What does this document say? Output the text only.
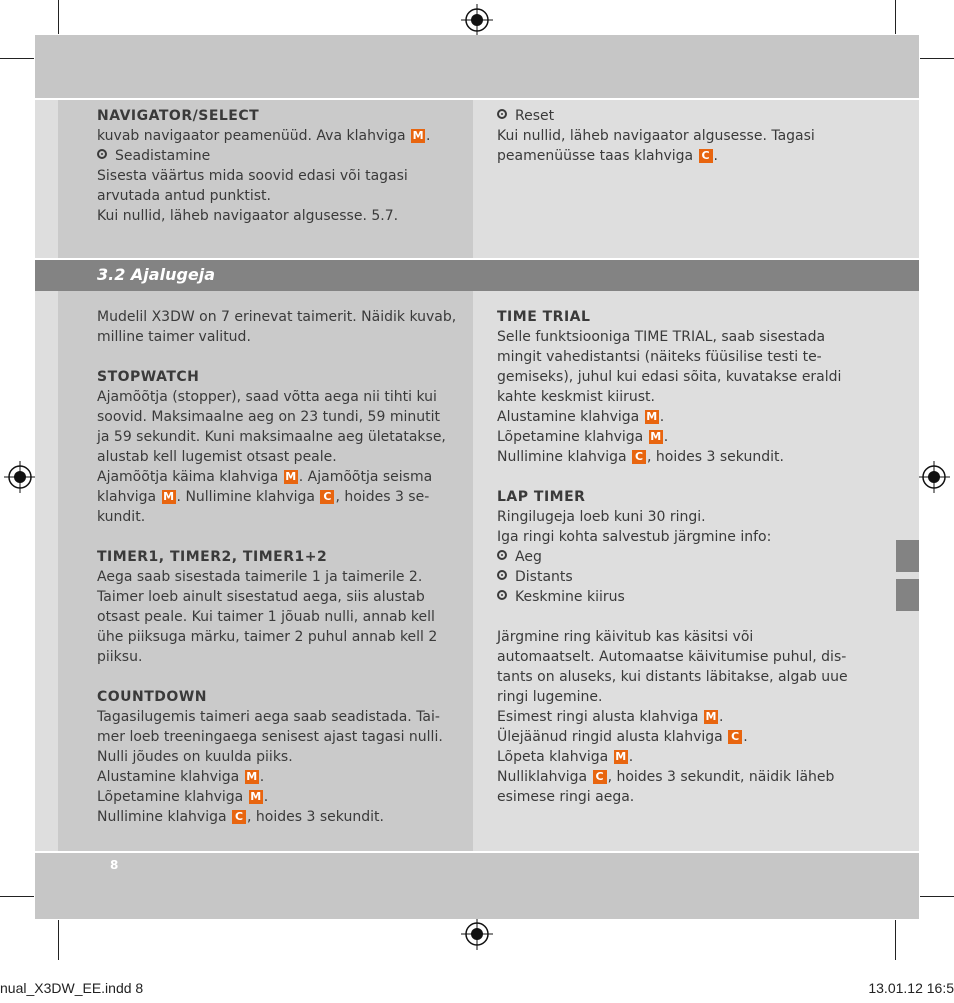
NAVIGATOR/SELECT

kuvab navigaator peamenüüd. Ava klahviga M .

Seadistamine

Sisesta väärtus mida soovid edasi või tagasi

arvutada antud punktist.

Kui nullid, läheb navigaator algusesse. 5.7.

Reset

Kui nullid, läheb navigaator algusesse. Tagasi

peamenüüsse taas klahviga C .

3.2 Ajalugeja

Mudelil X3DW on 7 erinevat taimerit. Näidik kuvab,

milline taimer valitud.

STOPWATCH

Ajamõõtja (stopper), saad võtta aega nii tihti kui

soovid. Maksimaalne aeg on 23 tundi, 59 minutit

ja 59 sekundit. Kuni maksimaalne aeg ületatakse,

alustab kell lugemist otsast peale.

Ajamõõtja käima klahviga M . Ajamõõtja seisma

klahviga M . Nullimine klahviga C , hoides 3 se-

kundit.

TIMER1, TIMER2, TIMER1+2

Aega saab sisestada taimerile 1 ja taimerile 2.

Taimer loeb ainult sisestatud aega, siis alustab

otsast peale. Kui taimer 1 jõuab nulli, annab kell

ühe piiksuga märku, taimer 2 puhul annab kell 2

piiksu.

COUNTDOWN

Tagasilugemis taimeri aega saab seadistada. Tai-

mer loeb treeningaega senisest ajast tagasi nulli.

Nulli jõudes on kuulda piiks.

Alustamine klahviga M .

Lõpetamine klahviga M .

Nullimine klahviga C , hoides 3 sekundit.

TIME TRIAL

Selle funktsiooniga TIME TRIAL, saab sisestada

mingit vahedistantsi (näiteks füüsilise testi te-

gemiseks), juhul kui edasi sõita, kuvatakse eraldi

kahte keskmist kiirust.

Alustamine klahviga M .

Lõpetamine klahviga M .

Nullimine klahviga C , hoides 3 sekundit.

LAP TIMER

Ringilugeja loeb kuni 30 ringi.

Iga ringi kohta salvestub järgmine info:

Aeg

Distants

Keskmine kiirus

Järgmine ring käivitub kas käsitsi või

automaatselt. Automaatse käivitumise puhul, dis-

tants on aluseks, kui distants läbitakse, algab uue

ringi lugemine.

Esimest ringi alusta klahviga M .

Ülejäänud ringid alusta klahviga C .

Lõpeta klahviga M .

Nulliklahviga C , hoides 3 sekundit, näidik läheb

esimese ringi aega.

8
nual_X3DW_EE.indd 8	13.01.12 16:5
